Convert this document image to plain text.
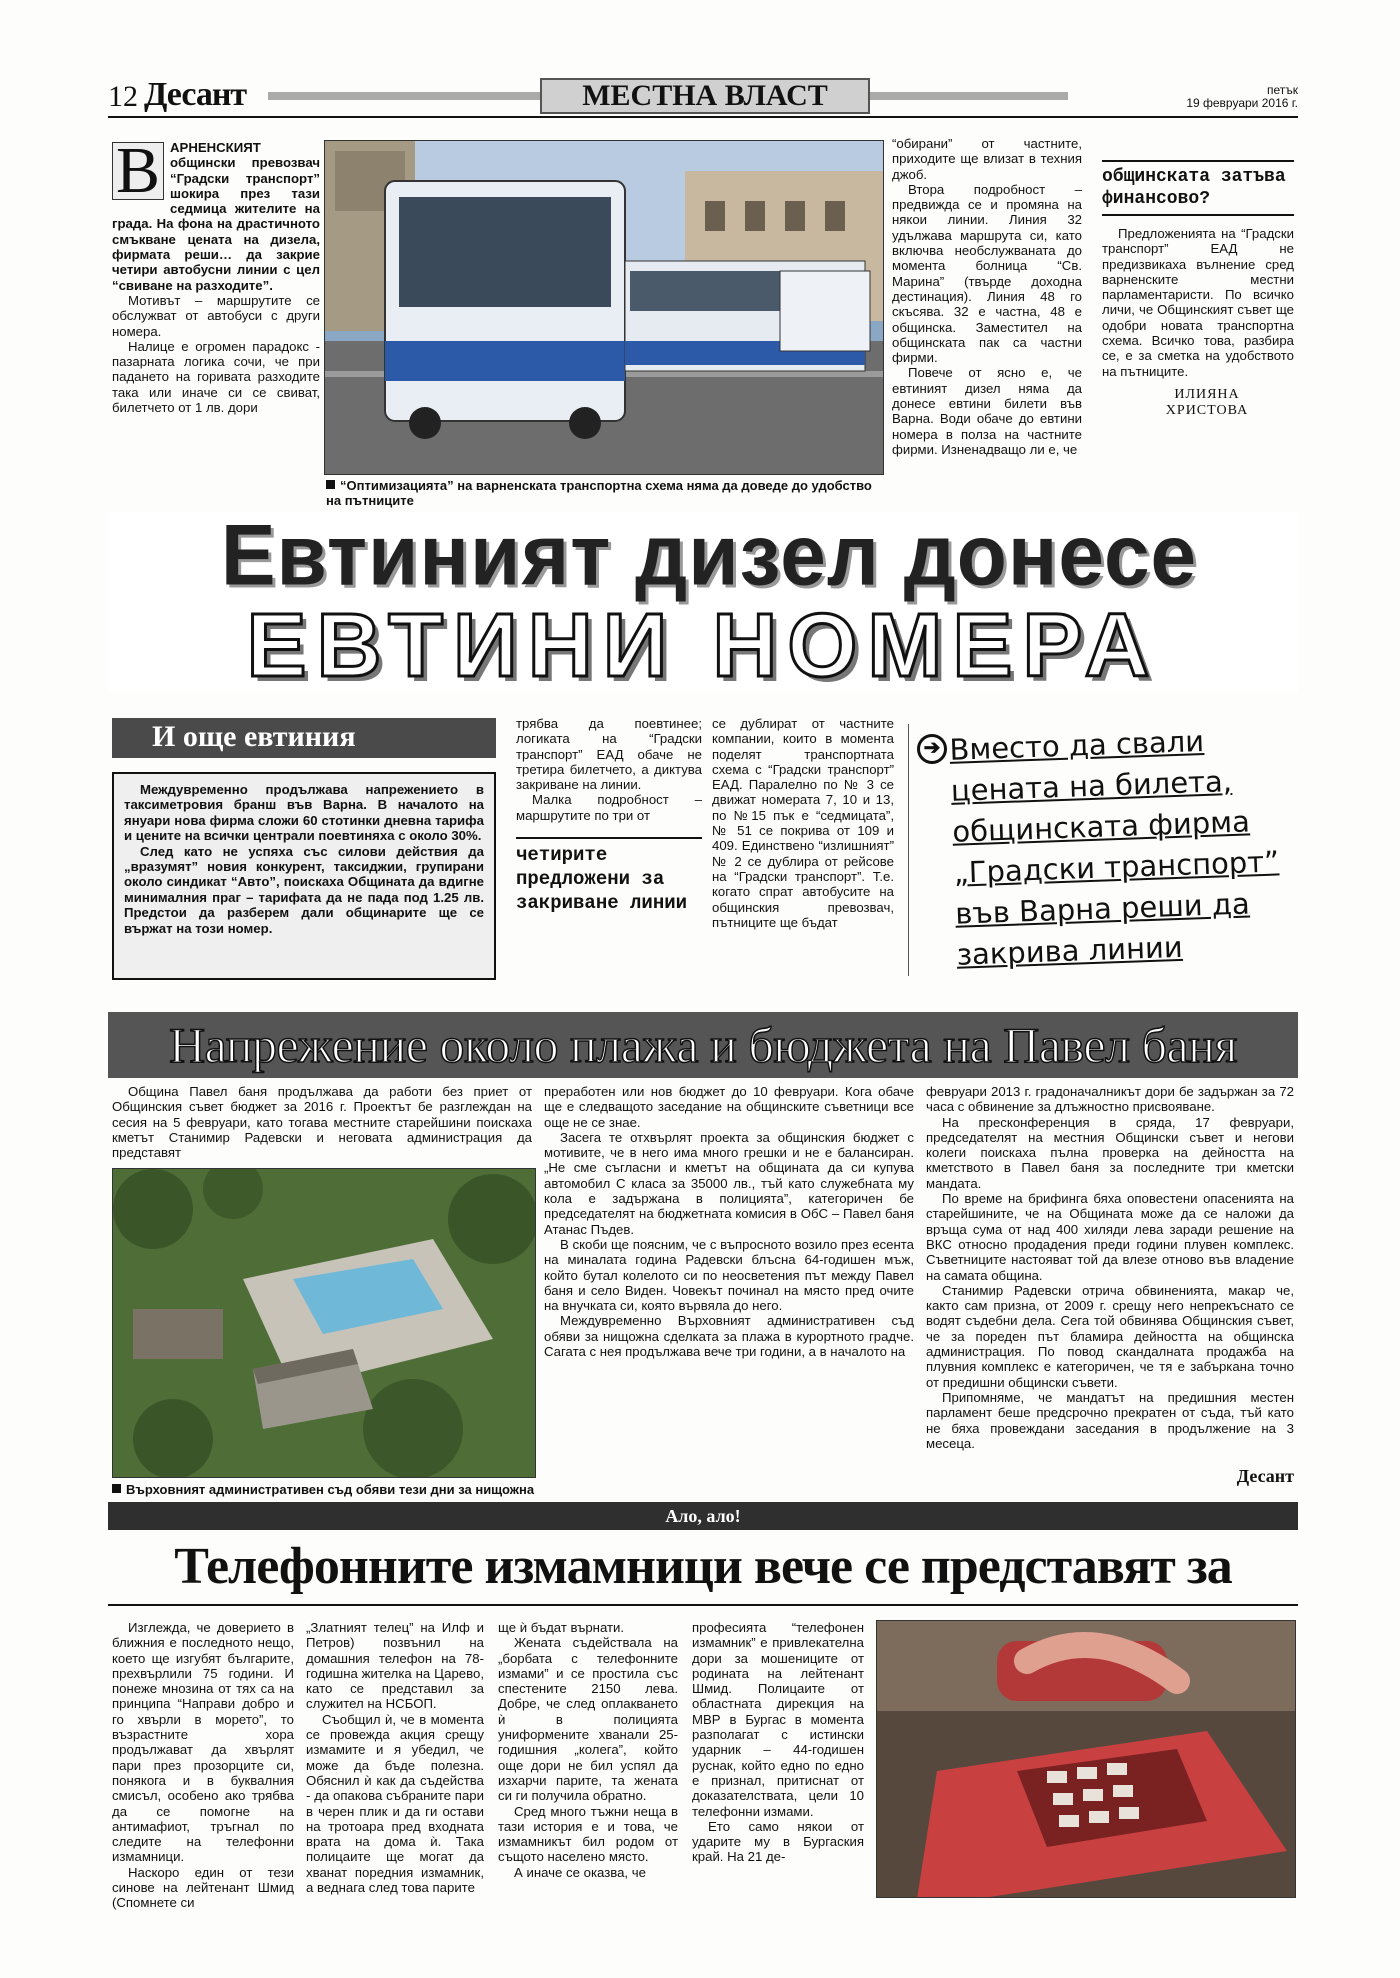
12 Десант	МЕСТНА ВЛАСТ	петък
19 февруари 2016 г.
В АРНЕНСКИЯТ общински превозвач “Градски транспорт” шокира през тази седмица жителите на града. На фона на драстичното смъкване цената на дизела, фирмата реши… да закрие четири автобусни линии с цел “свиване на разходите”.

Мотивът – маршрутите се обслужват от автобуси с други номера.

Налице е огромен парадокс - пазарната логика сочи, че при падането на горивата разходите така или иначе си се свиват, билетчето от 1 лв. дори

“Оптимизацията” на варненската транспортна схема няма да доведе до удобство на пътниците

“обирани” от частните, приходите ще влизат в техния джоб.

Втора подробност – предвижда се и промяна на някои линии. Линия 32 удължава маршрута си, като включва необслужваната до момента болница “Св. Марина” (твърде доходна дестинация). Линия 48 го скъсява. 32 е частна, 48 е общинска. Заместител на общинската пак са частни фирми.

Повече от ясно е, че евтиният дизел няма да донесе евтини билети във Варна. Води обаче до евтини номера в полза на частните фирми. Изненадващо ли е, че

общинската затъва финансово?

Предложенията на “Градски транспорт” ЕАД не предизвикаха вълнение сред варненските местни парламентаристи. По всичко личи, че Общинският съвет ще одобри новата транспортна схема. Всичко това, разбира се, е за сметка на удобството на пътниците.

ИЛИЯНА ХРИСТОВА
Евтиният дизел донесе
ЕВТИНИ НОМЕРА
И още евтиния

Междувременно продължава напрежението в таксиметровия бранш във Варна. В началото на януари нова фирма сложи 60 стотинки дневна тарифа и цените на всички централи поевтиняха с около 30%.

След като не успяха със силови действия да „вразумят” новия конкурент, таксиджии, групирани около синдикат “Авто”, поискаха Общината да вдигне минималния праг – тарифата да не пада под 1.25 лв. Предстои да разберем дали общинарите ще се вържат на този номер.

трябва да поевтинее; логиката на “Градски транспорт” ЕАД обаче не третира билетчето, а диктува закриване на линии.

Малка подробност – маршрутите по три от

четирите предложени за закриване линии

се дублират от частните компании, които в момента поделят транспортната схема с “Градски транспорт” ЕАД. Паралелно по № 3 се движат номерата 7, 10 и 13, по №15 пък е “седмицата”, № 51 се покрива от 109 и 409. Единствено “излишният” № 2 се дублира от рейсове на “Градски транспорт”. Т.е. когато спрат автобусите на общинския превозвач, пътниците ще бъдат

➔ Вместо да свали цената на билета, общинската фирма „Градски транспорт” във Варна реши да закрива линии
Напрежение около плажа и бюджета на Павел баня

Община Павел баня продължава да работи без приет от Общинския съвет бюджет за 2016 г. Проектът бе разглеждан на сесия на 5 февруари, като тогава местните старейшини поискаха кметът Станимир Радевски и неговата администрация да представят

Върховният административен съд обяви тези дни за нищожна

преработен или нов бюджет до 10 февруари. Кога обаче ще е следващото заседание на общинските съветници все още не се знае.

Засега те отхвърлят проекта за общинския бюджет с мотивите, че в него има много грешки и не е балансиран. „Не сме съгласни и кметът на общината да си купува автомобил С класа за 35000 лв., тъй като служебната му кола е задържана в полицията”, категоричен бе председателят на бюджетната комисия в ОбС – Павел баня Атанас Пъдев.

В скоби ще поясним, че с въпросното возило през есента на миналата година Радевски блъсна 64-годишен мъж, който бутал колелото си по неосветения път между Павел баня и село Виден. Човекът починал на място пред очите на внучката си, която вървяла до него.

Междувременно Върховният административен съд обяви за нищожна сделката за плажа в курортното градче. Сагата с нея продължава вече три години, а в началото на

февруари 2013 г. градоначалникът дори бе задържан за 72 часа с обвинение за длъжностно присвояване.

На пресконференция в сряда, 17 февруари, председателят на местния Общински съвет и негови колеги поискаха пълна проверка на дейността на кметството в Павел баня за последните три кметски мандата.

По време на брифинга бяха оповестени опасенията на старейшините, че на Общината може да се наложи да връща сума от над 400 хиляди лева заради решение на ВКС относно продадения преди години плувен комплекс. Съветниците настояват той да влезе отново във владение на самата община.

Станимир Радевски отрича обвиненията, макар че, както сам призна, от 2009 г. срещу него непрекъснато се водят съдебни дела. Сега той обвинява Общинския съвет, че за пореден път бламира дейността на общинска администрация. По повод скандалната продажба на плувния комплекс е категоричен, че тя е забъркана точно от предишни общински съвети.

Припомняме, че мандатът на предишния местен парламент беше предсрочно прекратен от съда, тъй като не бяха провеждани заседания в продължение на 3 месеца.

Десант
Ало, ало!
Телефонните измамници вече се представят за

Изглежда, че доверието в ближния е последното нещо, което ще изгубят българите, прехвърлили 75 години. И понеже мнозина от тях са на принципа “Направи добро и го хвърли в морето”, то възрастните хора продължават да хвърлят пари през прозорците си, понякога и в буквалния смисъл, особено ако трябва да се помогне на антимафиот, тръгнал по следите на телефонни измамници.

Наскоро един от тези синове на лейтенант Шмид (Спомнете си

„Златният телец” на Илф и Петров) позвънил на домашния телефон на 78-годишна жителка на Царево, като се представил за служител на НСБОП.

Съобщил ѝ, че в момента се провежда акция срещу измамите и я убедил, че може да бъде полезна. Обяснил ѝ как да съдейства - да опакова събраните пари в черен плик и да ги остави на тротоара пред входната врата на дома ѝ. Така полицаите ще могат да хванат поредния измамник, а веднага след това парите

ще ѝ бъдат върнати.

Жената съдействала на „борбата с телефонните измами” и се простила със спестените 2150 лева. Добре, че след оплакването ѝ в полицията униформените хванали 25-годишния „колега”, който още дори не бил успял да изхарчи парите, та жената си ги получила обратно.

Сред много тъжни неща в тази история е и това, че измамникът бил родом от същото населено място.

А иначе се оказва, че

професията “телефонен измамник” е привлекателна дори за мошениците от родината на лейтенант Шмид. Полицаите от областната дирекция на МВР в Бургас в момента разполагат с истински ударник – 44-годишен руснак, който едно по едно е признал, притиснат от доказателствата, цели 10 телефонни измами.

Ето само някои от ударите му в Бургаския край. На 21 де-
